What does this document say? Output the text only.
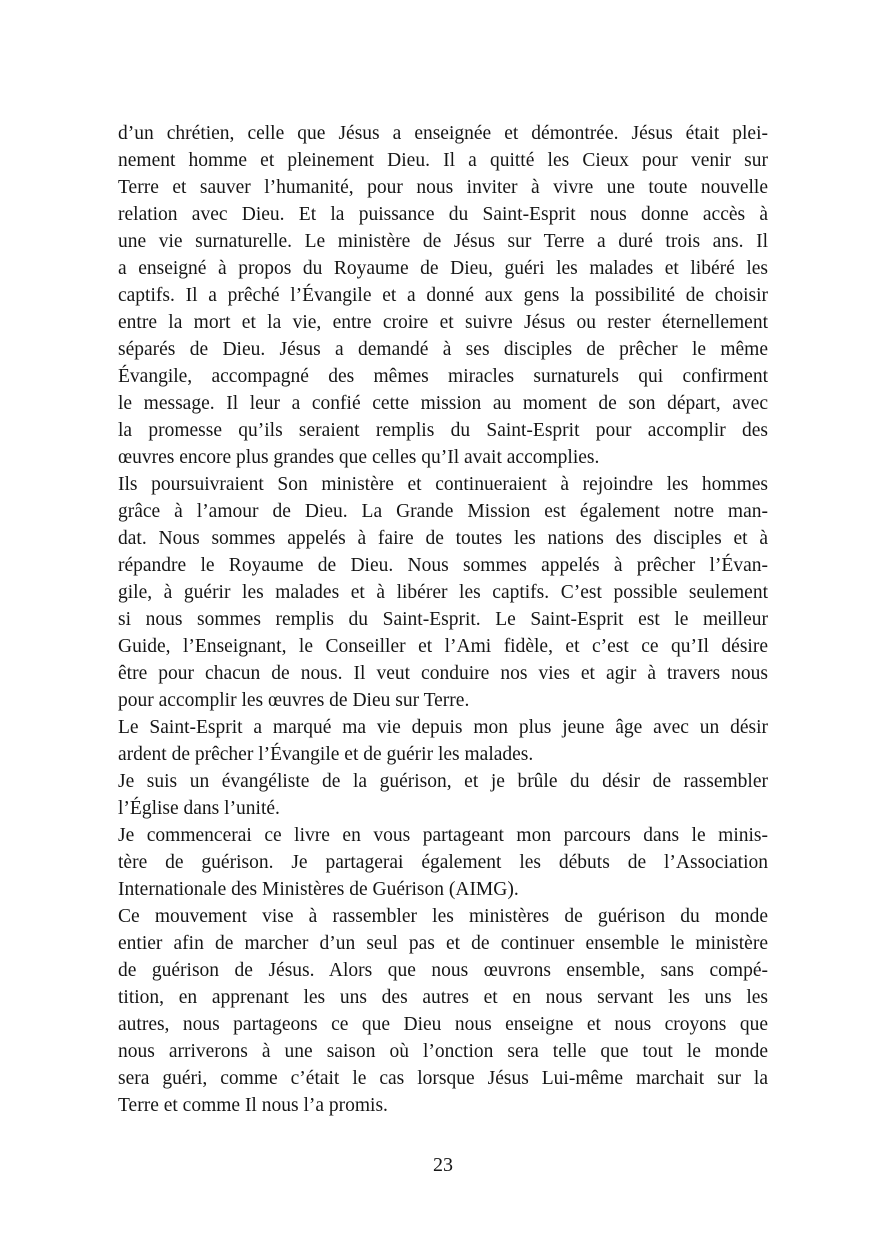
d’un chrétien, celle que Jésus a enseignée et démontrée. Jésus était plei-
nement homme et pleinement Dieu. Il a quitté les Cieux pour venir sur
Terre et sauver l’humanité, pour nous inviter à vivre une toute nouvelle
relation avec Dieu. Et la puissance du Saint-Esprit nous donne accès à
une vie surnaturelle. Le ministère de Jésus sur Terre a duré trois ans. Il
a enseigné à propos du Royaume de Dieu, guéri les malades et libéré les
captifs. Il a prêché l’Évangile et a donné aux gens la possibilité de choisir
entre la mort et la vie, entre croire et suivre Jésus ou rester éternellement
séparés de Dieu. Jésus a demandé à ses disciples de prêcher le même
Évangile, accompagné des mêmes miracles surnaturels qui confirment
le message. Il leur a confié cette mission au moment de son départ, avec
la promesse qu’ils seraient remplis du Saint-Esprit pour accomplir des
œuvres encore plus grandes que celles qu’Il avait accomplies.
Ils poursuivraient Son ministère et continueraient à rejoindre les hommes
grâce à l’amour de Dieu. La Grande Mission est également notre man-
dat. Nous sommes appelés à faire de toutes les nations des disciples et à
répandre le Royaume de Dieu. Nous sommes appelés à prêcher l’Évan-
gile, à guérir les malades et à libérer les captifs. C’est possible seulement
si nous sommes remplis du Saint-Esprit. Le Saint-Esprit est le meilleur
Guide, l’Enseignant, le Conseiller et l’Ami fidèle, et c’est ce qu’Il désire
être pour chacun de nous. Il veut conduire nos vies et agir à travers nous
pour accomplir les œuvres de Dieu sur Terre.
Le Saint-Esprit a marqué ma vie depuis mon plus jeune âge avec un désir
ardent de prêcher l’Évangile et de guérir les malades.
Je suis un évangéliste de la guérison, et je brûle du désir de rassembler
l’Église dans l’unité.
Je commencerai ce livre en vous partageant mon parcours dans le minis-
tère de guérison. Je partagerai également les débuts de l’Association
Internationale des Ministères de Guérison (AIMG).
Ce mouvement vise à rassembler les ministères de guérison du monde
entier afin de marcher d’un seul pas et de continuer ensemble le ministère
de guérison de Jésus. Alors que nous œuvrons ensemble, sans compé-
tition, en apprenant les uns des autres et en nous servant les uns les
autres, nous partageons ce que Dieu nous enseigne et nous croyons que
nous arriverons à une saison où l’onction sera telle que tout le monde
sera guéri, comme c’était le cas lorsque Jésus Lui-même marchait sur la
Terre et comme Il nous l’a promis.
23
